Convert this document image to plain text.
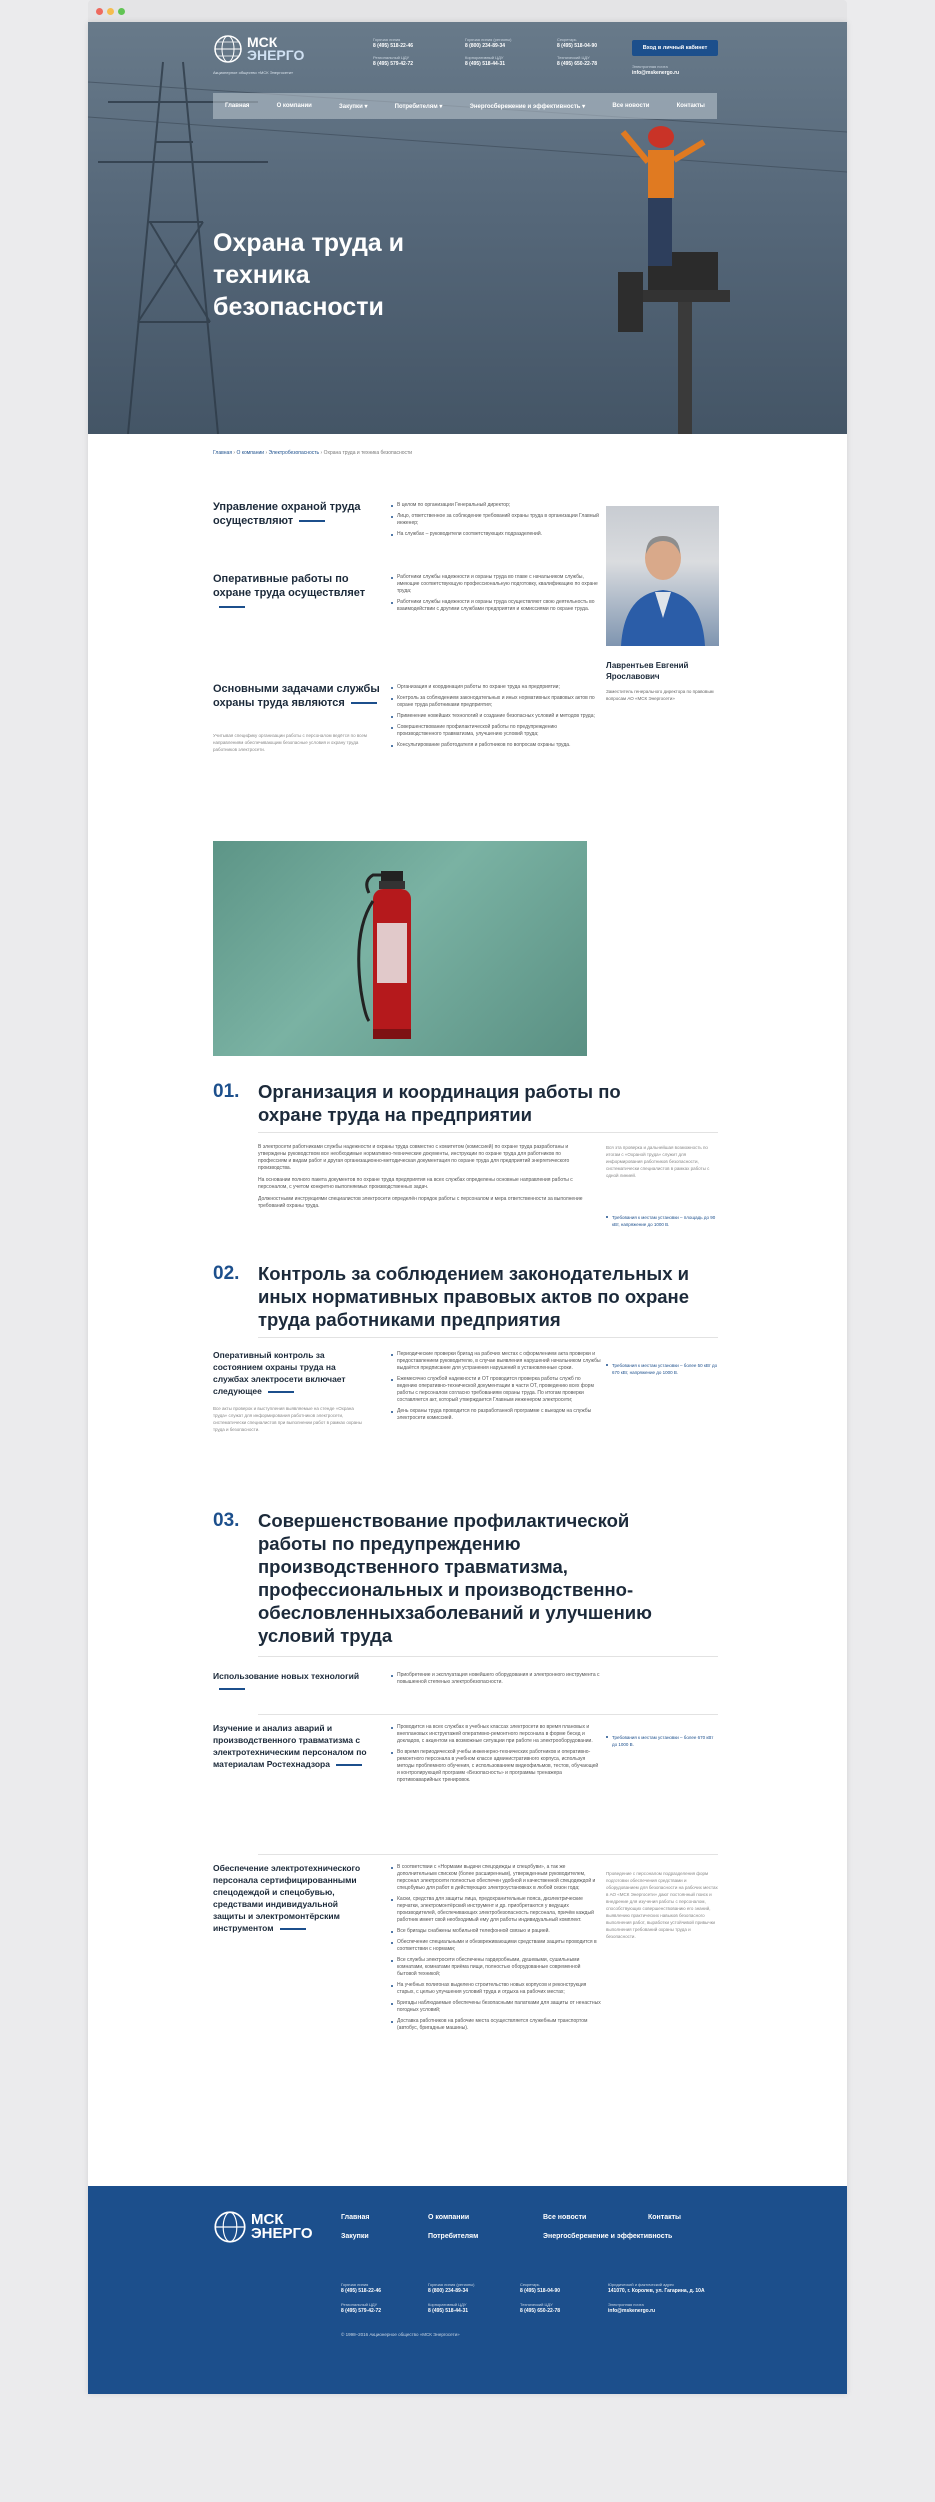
МСК
ЭНЕРГО
Акционерное общество «МСК Энергосети»
Горячая линия
8 (495) 518-22-46
Горячая линия (регионы)
8 (800) 234-89-34
Секретарь
8 (495) 518-04-90
Региональный ЦДУ
8 (495) 579-42-72
Корпоративный ЦДУ
8 (495) 518-44-31
Технический ЦДУ
8 (495) 650-22-78
Вход в личный кабинет
Электронная почта
info@mskenergo.ru
Главная	О компании	Закупки ▾	Потребителям ▾	Энергосбережение и эффективность ▾	Все новости	Контакты
Охрана труда и техника безопасности
Главная › О компании › Электробезопасность › Охрана труда и техника безопасности
Управление охраной труда осуществляют
В целом по организации Генеральный директор;
Лицо, ответственное за соблюдение требований охраны труда в организации Главный инженер;
На службах – руководители соответствующих подразделений.
Оперативные работы по охране труда осуществляет
Работники службы надежности и охраны труда во главе с начальником службы, имеющие соответствующую профессиональную подготовку, квалификацию по охране труда;
Работники службы надежности и охраны труда осуществляют свою деятельность во взаимодействии с другими службами предприятия и комиссиями по охране труда.
Основными задачами службы охраны труда являются
Учитывая специфику организации работы с персоналом ведётся по всем направлениям обеспечивающим безопасные условия и охрану труда работников электросети.
Организация и координация работы по охране труда на предприятии;
Контроль за соблюдением законодательных и иных нормативных правовых актов по охране труда работниками предприятия;
Применение новейших технологий и создание безопасных условий и методов труда;
Совершенствование профилактической работы по предупреждению производственного травматизма, улучшению условий труда;
Консультирование работодателя и работников по вопросам охраны труда.
Лаврентьев Евгений Ярославович
Заместитель генерального директора по правовым вопросам АО «МСК Энергосети»
01. Организация и координация работы по охране труда на предприятии

В электросети работниками службы надежности и охраны труда совместно с комитетом (комиссией) по охране труда разработаны и утверждены руководством все необходимые нормативно-технические документы, инструкции по охране труда для работников по профессиям и видам работ и другая организационно-методическая документация по охране труда для предприятий энергетического производства.

На основании полного пакета документов по охране труда предприятия на всех службах определены основные направления работы с персоналом, с учетом конкретно выполняемых производственных задач.

Должностными инструкциями специалистов электросети определён порядок работы с персоналом и мера ответственности за выполнение требований охраны труда.

Вся эта проверка и дальнейшая возможность по итогам с «Охраной труда» служит для информирования работников безопасности, систематически специалистов в рамках работы с одной линией.
Требования к местам установки – площадь до 90 кВт, напряжение до 1000 В.
02. Контроль за соблюдением законодательных и иных нормативных правовых актов по охране труда работниками предприятия
Оперативный контроль за состоянием охраны труда на службах электросети включает следующее
Все акты проверок и выступления выявляемые на стенде «Охрана труда» служат для информирования работников электросети, систематически специалистов при выполнении работ в рамках охраны труда и безопасности.
Периодические проверки бригад на рабочих местах с оформлением акта проверки и предоставлением руководителю, в случае выявления нарушений начальником службы выдаётся предписание для устранения нарушений в установленные сроки.
Ежемесячно службой надежности и ОТ проводится проверка работы служб по ведению оперативно-технической документации в части ОТ, проведению всех форм работы с персоналом согласно требованиям охраны труда. По итогам проверки составляется акт, который утверждается Главным инженером электросети;
День охраны труда проводится по разработанной программе с выездом на службы электросети комиссией.
Требования к местам установки – более 50 кВт до 670 кВт, напряжение до 1000 В.
03. Совершенствование профилактической работы по предупреждению производственного травматизма, профессиональных и производственно-обесловленныхзаболеваний и улучшению условий труда
Использование новых технологий	Приобретение и эксплуатация новейшего оборудования и электронного инструмента с повышенной степенью электробезопасности.
Изучение и анализ аварий и производственного травматизма с электротехническим персоналом по материалам Ростехнадзора
Проводится на всех службах в учебных классах электросети во время плановых и внеплановых инструктажей оперативно-ремонтного персонала в форме бесед и докладов, с акцентом на возможные ситуации при работе на электрооборудовании.
Во время периодической учебы инженерно-технических работников и оперативно-ремонтного персонала в учебном классе административного корпуса, используя методы проблемного обучения, с использованием видеофильмов, тестов, обучающей и контролирующей программ «Безопасность» и программы тренажера противоаварийных тренировок.
Требования к местам установки – более 670 кВт до 1000 В.
Обеспечение электротехнического персонала сертифицированными спецодеждой и спецобувью, средствами индивидуальной защиты и электромонтёрским инструментом
В соответствии с «Нормами выдачи спецодежды и спецобуви», а так же дополнительным списком (более расширенным), утвержденным руководителем, персонал электросети полностью обеспечен удобной и качественной спецодеждой и спецобувью для работ в действующих электроустановках в любой сезон года;
Каски, средства для защиты лица, предохранительные пояса, диэлектрические перчатки, электромонтёрский инструмент и др. приобретаются у ведущих производителей, обеспечивающих электробезопасность персонала, причём каждый работник имеет свой необходимый ему для работы индивидуальный комплект.
Все бригады снабжены мобильной телефонной связью и рацией.
Обеспечение специальными и обезвреживающими средствами защиты проводится в соответствии с нормами;
Все службы электросети обеспечены гардеробными, душевыми, сушильными комнатами, комнатами приёма пищи, полностью оборудованные современной бытовой техникой;
На учебных полигонах выделено строительство новых корпусов и реконструкция старых, с целью улучшения условий труда и отдыха на рабочих местах;
Бригады наблюдаемые обеспечены безопасными палатками для защиты от ненастных погодных условий;
Доставка работников на рабочие места осуществляется служебным транспортом (автобус, бригадные машины).
Проведение с персоналом подразделения форм подготовки обеспечения средствами и оборудованием для безопасности на рабочих местах в АО «МСК Энергосети» дают постоянный поиск и внедрение для изучения работы с персоналом, способствующих совершенствованию его знаний, выявлению практических навыков безопасного выполнения работ, выработки устойчивой привычки выполнения требований охраны труда и безопасности.
МСК
ЭНЕРГО
Главная	О компании	Все новости	Контакты
Закупки	Потребителям	Энергосбережение и эффективность
Горячая линия
8 (495) 518-22-46
Горячая линия (регионы)
8 (800) 234-89-34
Секретарь
8 (495) 518-04-90
Региональный ЦДУ
8 (495) 579-42-72
Корпоративный ЦДУ
8 (495) 518-44-31
Технический ЦДУ
8 (495) 650-22-78
Юридический и фактический адрес
141070, г. Королев, ул. Гагарина, д. 10А
Электронная почта
info@mskenergo.ru
© 1998–2016 Акционерное общество «МСК Энергосети»
